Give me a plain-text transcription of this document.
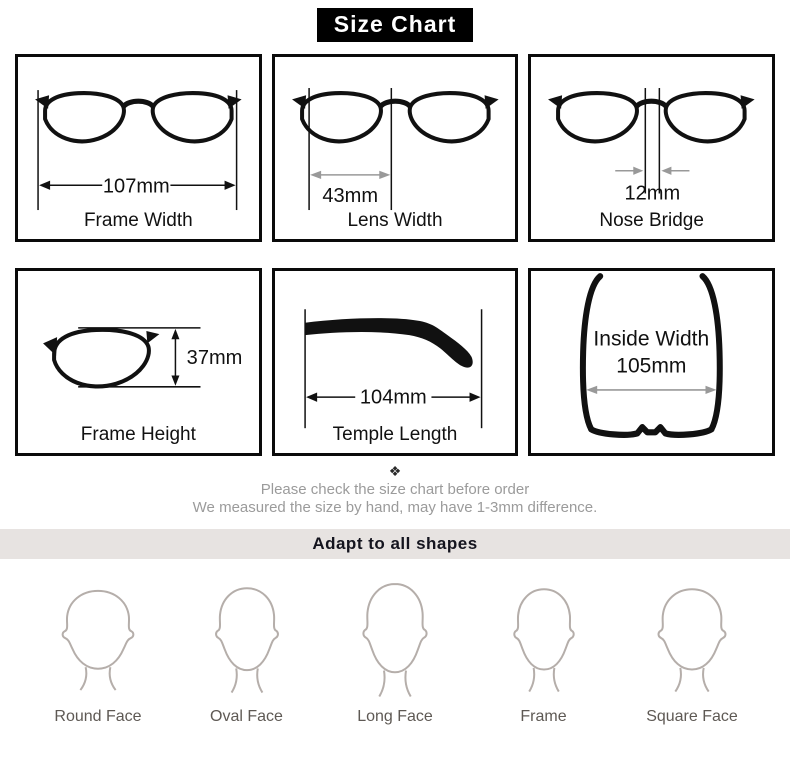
Size Chart
107mm
Frame Width
43mm
Lens Width
12mm
Nose Bridge
37mm
Frame Height
104mm
Temple Length
Inside Width
105mm
❖
Please check the size chart before order
We measured the size by hand, may have 1-3mm difference.
Adapt to all shapes
Round Face	Oval Face	Long Face	Frame	Square Face
